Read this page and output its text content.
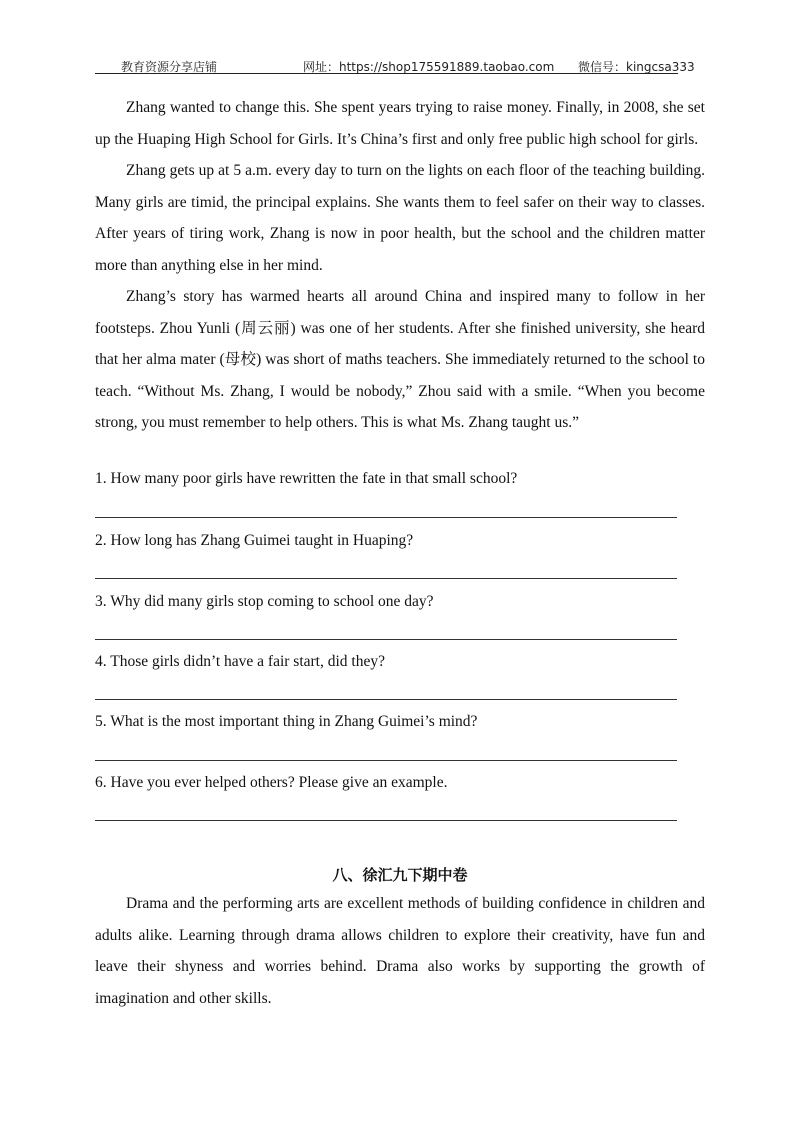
教育资源分享店铺	网址：https://shop175591889.taobao.com 微信号：kingcsa333

Zhang wanted to change this. She spent years trying to raise money. Finally, in 2008, she set up the Huaping High School for Girls. It’s China’s first and only free public high school for girls.

Zhang gets up at 5 a.m. every day to turn on the lights on each floor of the teaching building. Many girls are timid, the principal explains. She wants them to feel safer on their way to classes. After years of tiring work, Zhang is now in poor health, but the school and the children matter more than anything else in her mind.

Zhang’s story has warmed hearts all around China and inspired many to follow in her footsteps. Zhou Yunli (周云丽) was one of her students. After she finished university, she heard that her alma mater (母校) was short of maths teachers. She immediately returned to the school to teach. “Without Ms. Zhang, I would be nobody,” Zhou said with a smile. “When you become strong, you must remember to help others. This is what Ms. Zhang taught us.”

1. How many poor girls have rewritten the fate in that small school?
2. How long has Zhang Guimei taught in Huaping?
3. Why did many girls stop coming to school one day?
4. Those girls didn’t have a fair start, did they?
5. What is the most important thing in Zhang Guimei’s mind?
6. Have you ever helped others? Please give an example.
八、徐汇九下期中卷

Drama and the performing arts are excellent methods of building confidence in children and adults alike. Learning through drama allows children to explore their creativity, have fun and leave their shyness and worries behind. Drama also works by supporting the growth of imagination and other skills.
